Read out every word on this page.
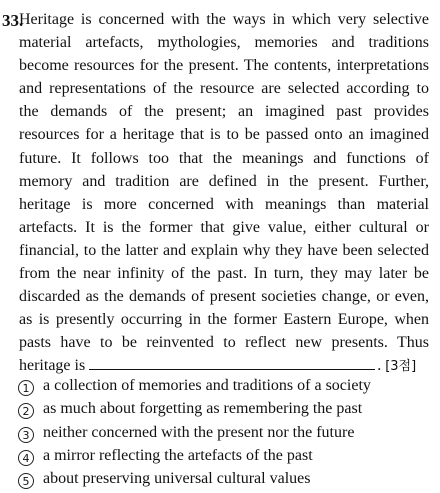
33.
Heritage is concerned with the ways in which very selective
material artefacts, mythologies, memories and traditions
become resources for the present. The contents, interpretations
and representations of the resource are selected according to
the demands of the present; an imagined past provides
resources for a heritage that is to be passed onto an imagined
future. It follows too that the meanings and functions of
memory and tradition are defined in the present. Further,
heritage is more concerned with meanings than material
artefacts. It is the former that give value, either cultural or
financial, to the latter and explain why they have been selected
from the near infinity of the past. In turn, they may later be
discarded as the demands of present societies change, or even,
as is presently occurring in the former Eastern Europe, when
pasts have to be reinvented to reflect new presents. Thus
heritage is	. [3점]
1 a collection of memories and traditions of a society
2 as much about forgetting as remembering the past
3 neither concerned with the present nor the future
4 a mirror reflecting the artefacts of the past
5 about preserving universal cultural values
